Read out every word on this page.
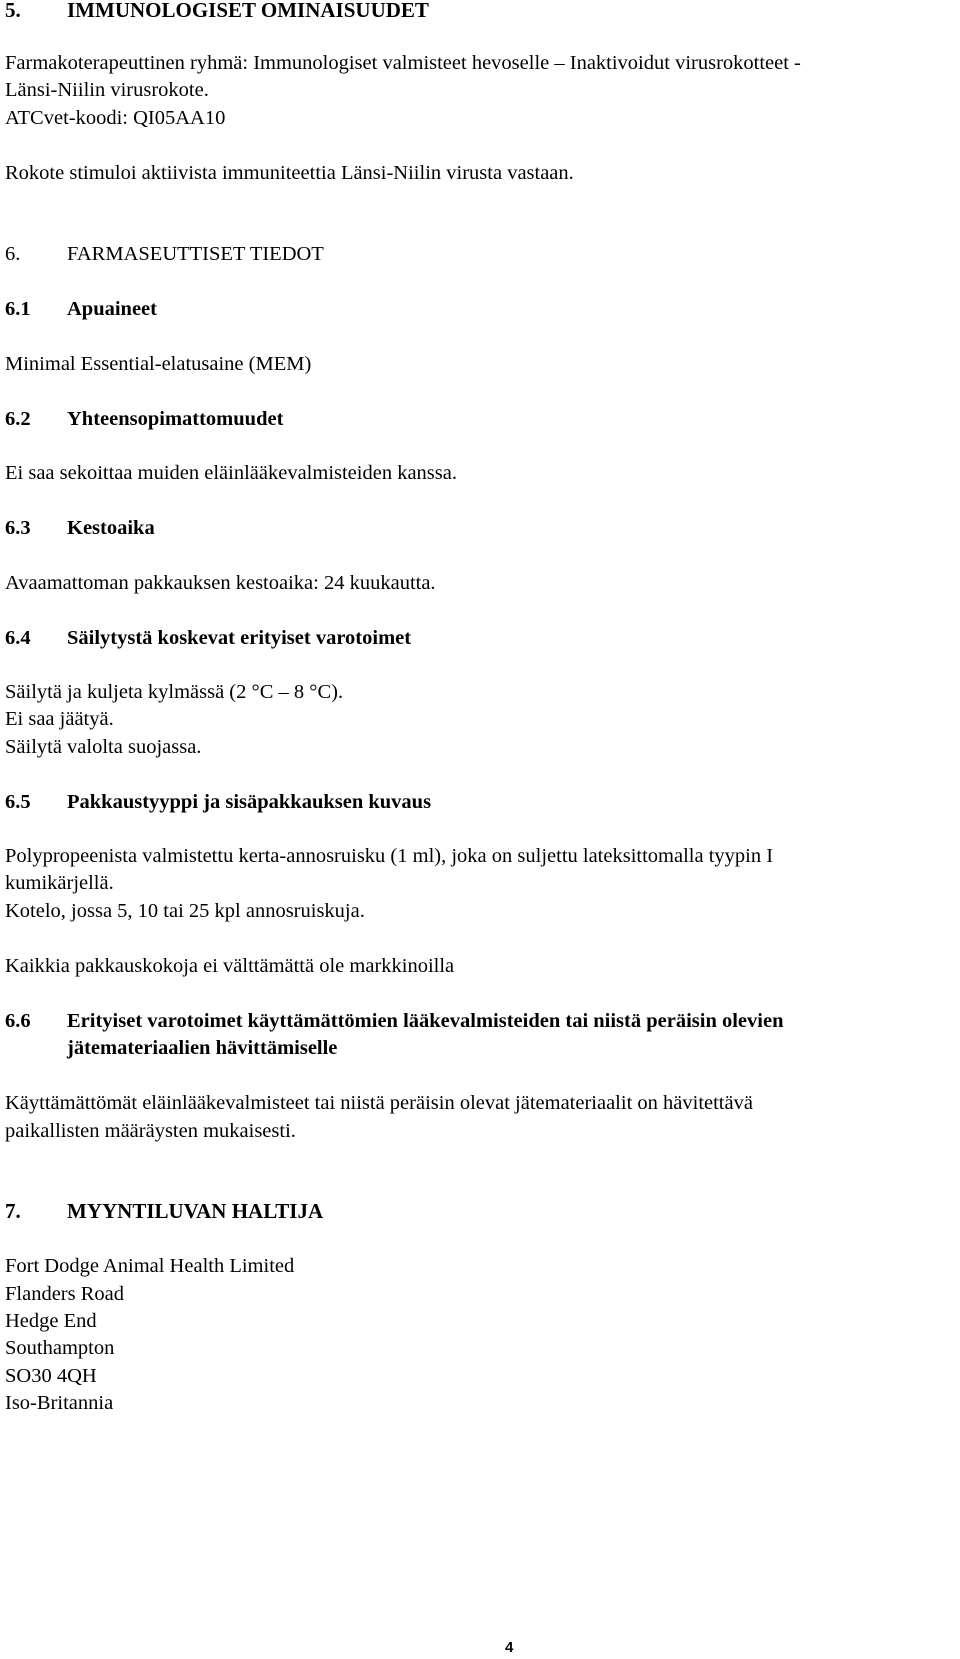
5. IMMUNOLOGISET OMINAISUUDET
Farmakoterapeuttinen ryhmä: Immunologiset valmisteet hevoselle – Inaktivoidut virusrokotteet -
Länsi-Niilin virusrokote.
ATCvet-koodi: QI05AA10
Rokote stimuloi aktiivista immuniteettia Länsi-Niilin virusta vastaan.
6. FARMASEUTTISET TIEDOT
6.1 Apuaineet
Minimal Essential-elatusaine (MEM)
6.2 Yhteensopimattomuudet
Ei saa sekoittaa muiden eläinlääkevalmisteiden kanssa.
6.3 Kestoaika
Avaamattoman pakkauksen kestoaika: 24 kuukautta.
6.4 Säilytystä koskevat erityiset varotoimet
Säilytä ja kuljeta kylmässä (2 °C – 8 °C).
Ei saa jäätyä.
Säilytä valolta suojassa.
6.5 Pakkaustyyppi ja sisäpakkauksen kuvaus
Polypropeenista valmistettu kerta-annosruisku (1 ml), joka on suljettu lateksittomalla tyypin I
kumikärjellä.
Kotelo, jossa 5, 10 tai 25 kpl annosruiskuja.
Kaikkia pakkauskokoja ei välttämättä ole markkinoilla
6.6 Erityiset varotoimet käyttämättömien lääkevalmisteiden tai niistä peräisin olevien
jätemateriaalien hävittämiselle
Käyttämättömät eläinlääkevalmisteet tai niistä peräisin olevat jätemateriaalit on hävitettävä
paikallisten määräysten mukaisesti.
7. MYYNTILUVAN HALTIJA
Fort Dodge Animal Health Limited
Flanders Road
Hedge End
Southampton
SO30 4QH
Iso-Britannia
4
